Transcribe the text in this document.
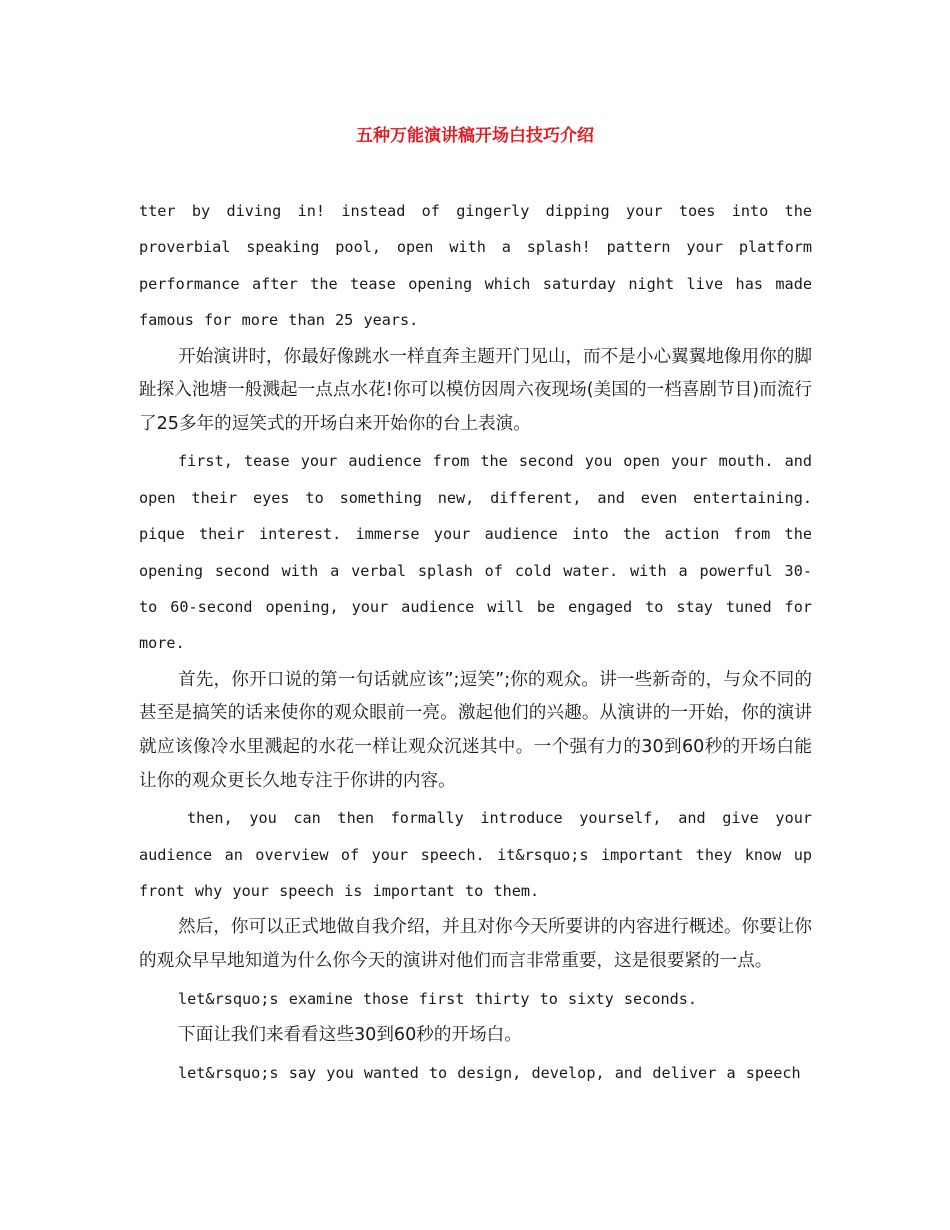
五种万能演讲稿开场白技巧介绍

tter by diving in! instead of gingerly dipping your toes into the proverbial speaking pool, open with a splash! pattern your platform performance after the tease opening which saturday night live has made famous for more than 25 years.

开始演讲时，你最好像跳水一样直奔主题开门见山，而不是小心翼翼地像用你的脚趾探入池塘一般溅起一点点水花!你可以模仿因周六夜现场(美国的一档喜剧节目)而流行了25多年的逗笑式的开场白来开始你的台上表演。

first, tease your audience from the second you open your mouth. and open their eyes to something new, different, and even entertaining. pique their interest. immerse your audience into the action from the opening second with a verbal splash of cold water. with a powerful 30- to 60-second opening, your audience will be engaged to stay tuned for more.

首先，你开口说的第一句话就应该”;逗笑”;你的观众。讲一些新奇的，与众不同的甚至是搞笑的话来使你的观众眼前一亮。激起他们的兴趣。从演讲的一开始，你的演讲就应该像冷水里溅起的水花一样让观众沉迷其中。一个强有力的30到60秒的开场白能让你的观众更长久地专注于你讲的内容。

then, you can then formally introduce yourself, and give your audience an overview of your speech. it&rsquo;s important they know up front why your speech is important to them.

然后，你可以正式地做自我介绍，并且对你今天所要讲的内容进行概述。你要让你的观众早早地知道为什么你今天的演讲对他们而言非常重要，这是很要紧的一点。

let&rsquo;s examine those first thirty to sixty seconds.

下面让我们来看看这些30到60秒的开场白。

let&rsquo;s say you wanted to design, develop, and deliver a speech
